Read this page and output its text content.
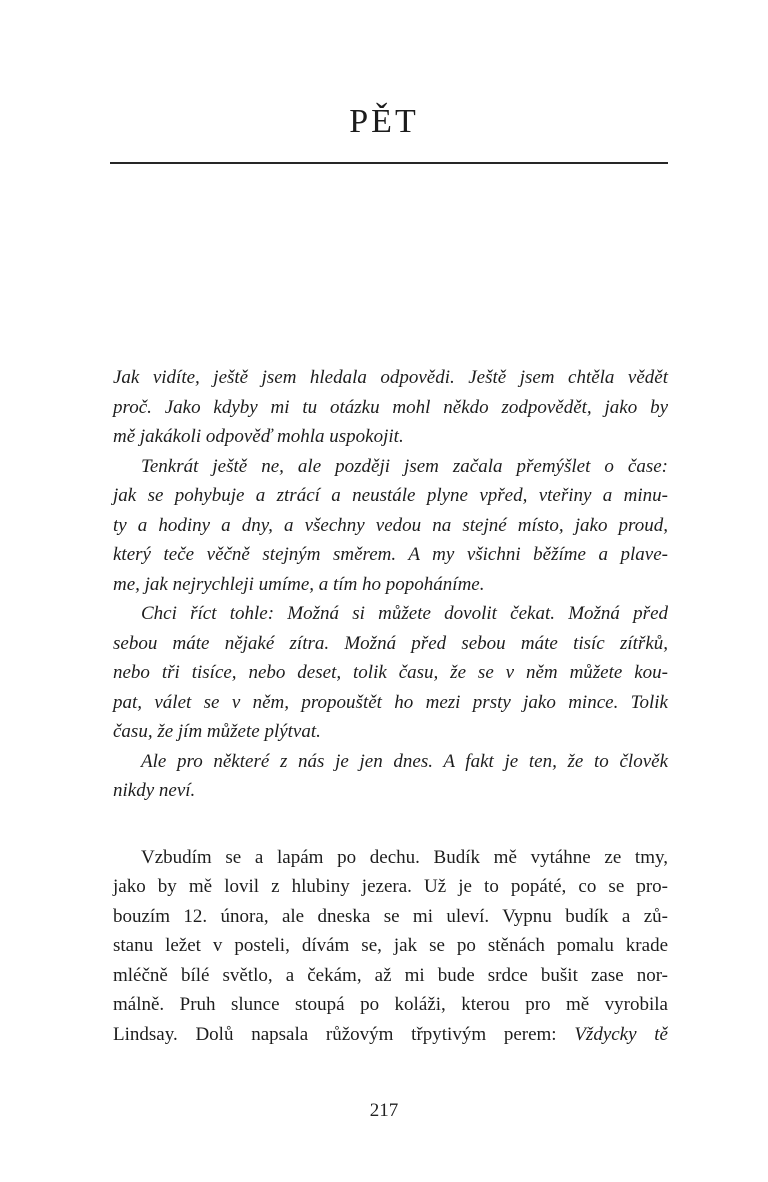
PĚT
Jak vidíte, ještě jsem hledala odpovědi. Ještě jsem chtěla vědět
proč. Jako kdyby mi tu otázku mohl někdo zodpovědět, jako by
mě jakákoli odpověď mohla uspokojit.
Tenkrát ještě ne, ale později jsem začala přemýšlet o čase:
jak se pohybuje a ztrácí a neustále plyne vpřed, vteřiny a minu-
ty a hodiny a dny, a všechny vedou na stejné místo, jako proud,
který teče věčně stejným směrem. A my všichni běžíme a plave-
me, jak nejrychleji umíme, a tím ho popoháníme.
Chci říct tohle: Možná si můžete dovolit čekat. Možná před
sebou máte nějaké zítra. Možná před sebou máte tisíc zítřků,
nebo tři tisíce, nebo deset, tolik času, že se v něm můžete kou-
pat, válet se v něm, propouštět ho mezi prsty jako mince. Tolik
času, že jím můžete plýtvat.
Ale pro některé z nás je jen dnes. A fakt je ten, že to člověk
nikdy neví.
Vzbudím se a lapám po dechu. Budík mě vytáhne ze tmy,
jako by mě lovil z hlubiny jezera. Už je to popáté, co se pro-
bouzím 12. února, ale dneska se mi uleví. Vypnu budík a zů-
stanu ležet v posteli, dívám se, jak se po stěnách pomalu krade
mléčně bílé světlo, a čekám, až mi bude srdce bušit zase nor-
málně. Pruh slunce stoupá po koláži, kterou pro mě vyrobila
Lindsay. Dolů napsala růžovým třpytivým perem: Vždycky tě
217
